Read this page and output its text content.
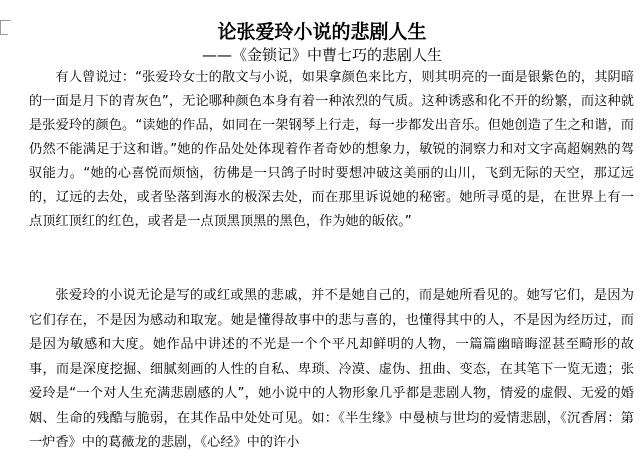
论张爱玲小说的悲剧人生
——《金锁记》中曹七巧的悲剧人生

有人曾说过：“张爱玲女士的散文与小说，如果拿颜色来比方，则其明亮的一面是银紫色的，其阴暗的一面是月下的青灰色”，无论哪种颜色本身有着一种浓烈的气质。这种诱惑和化不开的纷繁，而这种就是张爱玲的颜色。“读她的作品，如同在一架钢琴上行走，每一步都发出音乐。但她创造了生之和谐，而仍然不能满足于这和谐。”她的作品处处体现着作者奇妙的想象力，敏锐的洞察力和对文字高超娴熟的驾驭能力。“她的心喜悦而烦恼，彷佛是一只鸽子时时要想冲破这美丽的山川，飞到无际的天空，那辽远的，辽远的去处，或者坠落到海水的极深去处，而在那里诉说她的秘密。她所寻觅的是，在世界上有一点顶红顶红的红色，或者是一点顶黑顶黑的黑色，作为她的皈依。”

张爱玲的小说无论是写的或红或黑的悲戚，并不是她自己的，而是她所看见的。她写它们，是因为它们存在，不是因为感动和取宠。她是懂得故事中的悲与喜的，也懂得其中的人，不是因为经历过，而是因为敏感和大度。她作品中讲述的不光是一个个平凡却鲜明的人物，一篇篇幽暗晦涩甚至畸形的故事，而是深度挖掘、细腻刻画的人性的自私、卑琐、冷漠、虚伪、扭曲、变态，在其笔下一览无遗；张爱玲是“一个对人生充满悲剧感的人”，她小说中的人物形象几乎都是悲剧人物，情爱的虚假、无爱的婚姻、生命的残酷与脆弱，在其作品中处处可见。如：《半生缘》中曼桢与世均的爱情悲剧，《沉香屑：第一炉香》中的葛薇龙的悲剧，《心经》中的许小
